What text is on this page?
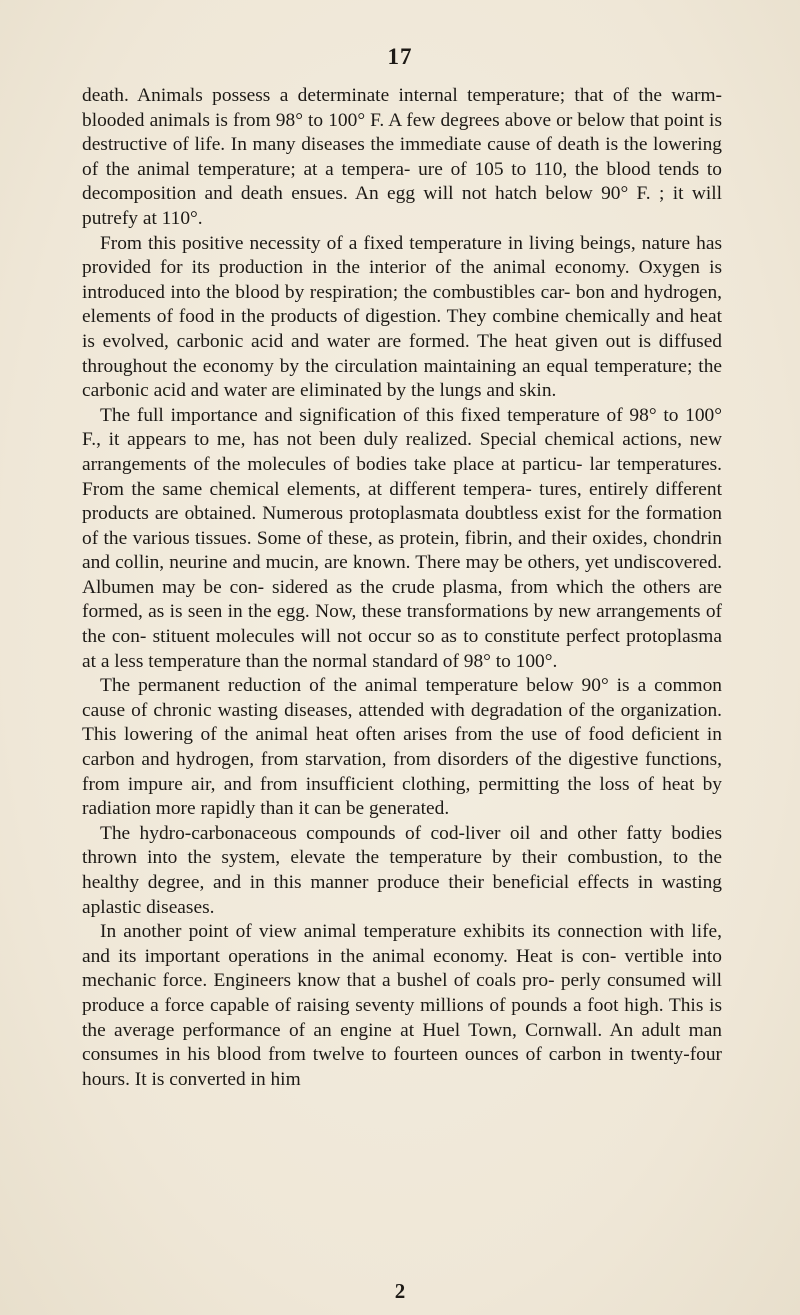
17

death. Animals possess a determinate internal temperature; that of the warm-blooded animals is from 98° to 100° F. A few degrees above or below that point is destructive of life. In many diseases the immediate cause of death is the lowering of the animal temperature; at a tempera- ure of 105 to 110, the blood tends to decomposition and death ensues. An egg will not hatch below 90° F. ; it will putrefy at 110°.

From this positive necessity of a fixed temperature in living beings, nature has provided for its production in the interior of the animal economy. Oxygen is introduced into the blood by respiration; the combustibles car- bon and hydrogen, elements of food in the products of digestion. They combine chemically and heat is evolved, carbonic acid and water are formed. The heat given out is diffused throughout the economy by the circulation maintaining an equal temperature; the carbonic acid and water are eliminated by the lungs and skin.

The full importance and signification of this fixed temperature of 98° to 100° F., it appears to me, has not been duly realized. Special chemical actions, new arrangements of the molecules of bodies take place at particu- lar temperatures. From the same chemical elements, at different tempera- tures, entirely different products are obtained. Numerous protoplasmata doubtless exist for the formation of the various tissues. Some of these, as protein, fibrin, and their oxides, chondrin and collin, neurine and mucin, are known. There may be others, yet undiscovered. Albumen may be con- sidered as the crude plasma, from which the others are formed, as is seen in the egg. Now, these transformations by new arrangements of the con- stituent molecules will not occur so as to constitute perfect protoplasma at a less temperature than the normal standard of 98° to 100°.

The permanent reduction of the animal temperature below 90° is a common cause of chronic wasting diseases, attended with degradation of the organization. This lowering of the animal heat often arises from the use of food deficient in carbon and hydrogen, from starvation, from disorders of the digestive functions, from impure air, and from insufficient clothing, permitting the loss of heat by radiation more rapidly than it can be generated.

The hydro-carbonaceous compounds of cod-liver oil and other fatty bodies thrown into the system, elevate the temperature by their combustion, to the healthy degree, and in this manner produce their beneficial effects in wasting aplastic diseases.

In another point of view animal temperature exhibits its connection with life, and its important operations in the animal economy. Heat is con- vertible into mechanic force. Engineers know that a bushel of coals pro- perly consumed will produce a force capable of raising seventy millions of pounds a foot high. This is the average performance of an engine at Huel Town, Cornwall. An adult man consumes in his blood from twelve to fourteen ounces of carbon in twenty-four hours. It is converted in him

2
